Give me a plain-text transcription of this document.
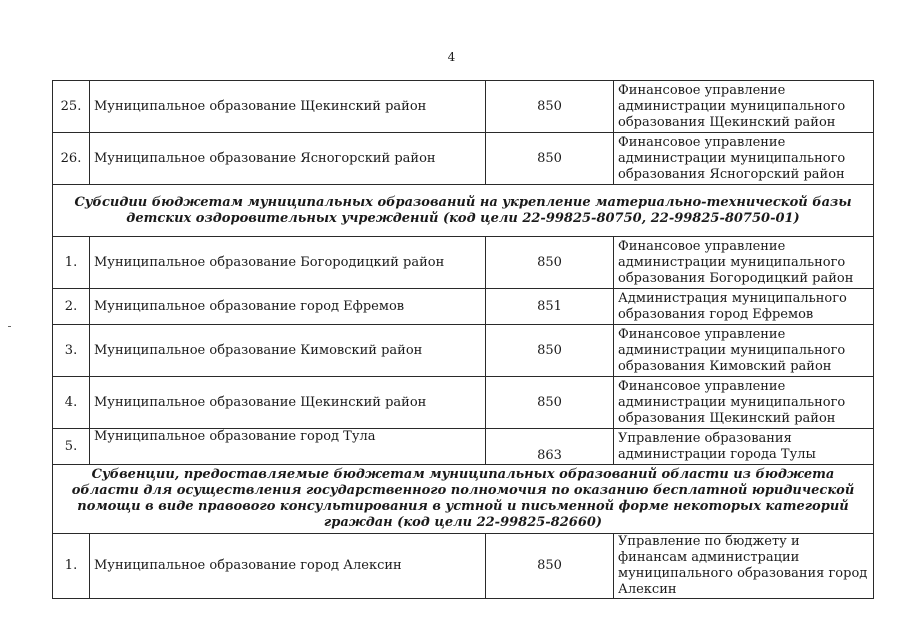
4
25.	Муниципальное образование Щекинский район	850	Финансовое управление администрации муниципального образования Щекинский район
26.	Муниципальное образование Ясногорский район	850	Финансовое управление администрации муниципального образования Ясногорский район
Субсидии бюджетам муниципальных образований на укрепление материально-технической базы детских оздоровительных учреждений (код цели 22-99825-80750, 22-99825-80750-01)			
1.	Муниципальное образование Богородицкий район	850	Финансовое управление администрации муниципального образования Богородицкий район
2.	Муниципальное образование город Ефремов	851	Администрация муниципального образования город Ефремов
3.	Муниципальное образование Кимовский район	850	Финансовое управление администрации муниципального образования Кимовский район
4.	Муниципальное образование Щекинский район	850	Финансовое управление администрации муниципального образования Щекинский район
5.	Муниципальное образование город Тула	863	Управление образования администрации города Тулы
Субвенции, предоставляемые бюджетам муниципальных образований области из бюджета области для осуществления государственного полномочия по оказанию бесплатной юридической помощи в виде правового консультирования в устной и письменной форме некоторых категорий граждан (код цели 22-99825-82660)			
1.	Муниципальное образование город Алексин	850	Управление по бюджету и финансам администрации муниципального образования город Алексин
